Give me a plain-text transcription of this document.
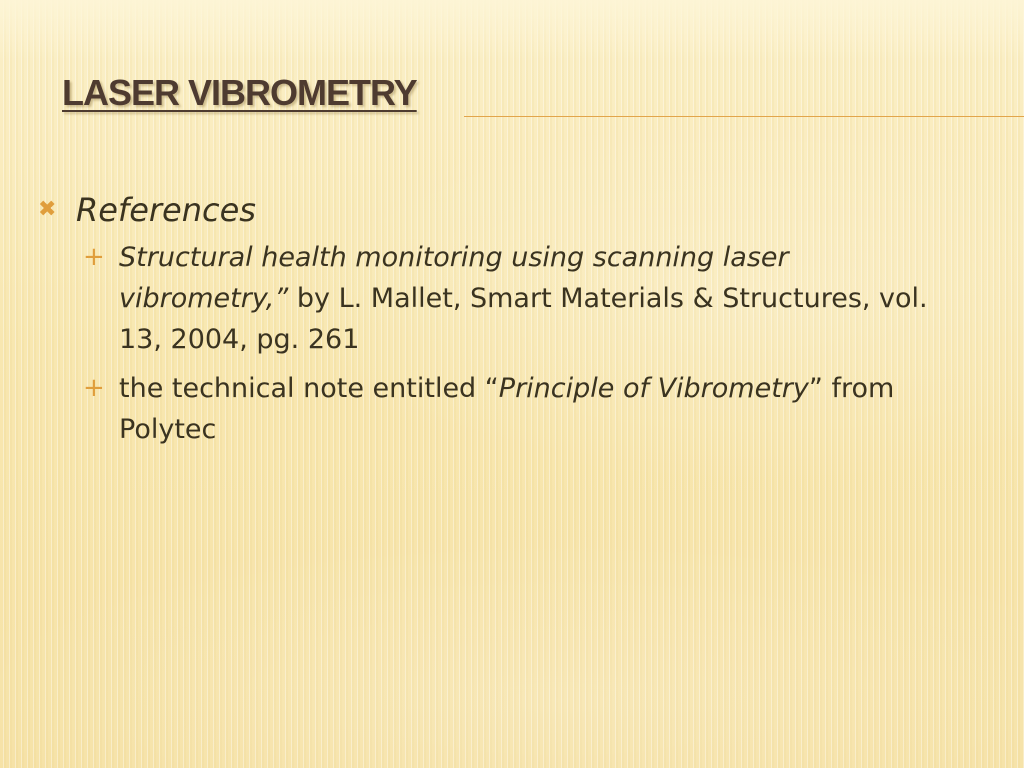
LASER VIBROMETRY
✖ References
+ Structural health monitoring using scanning laser vibrometry,” by L. Mallet, Smart Materials & Structures, vol. 13, 2004, pg. 261
+ the technical note entitled “Principle of Vibrometry” from Polytec
